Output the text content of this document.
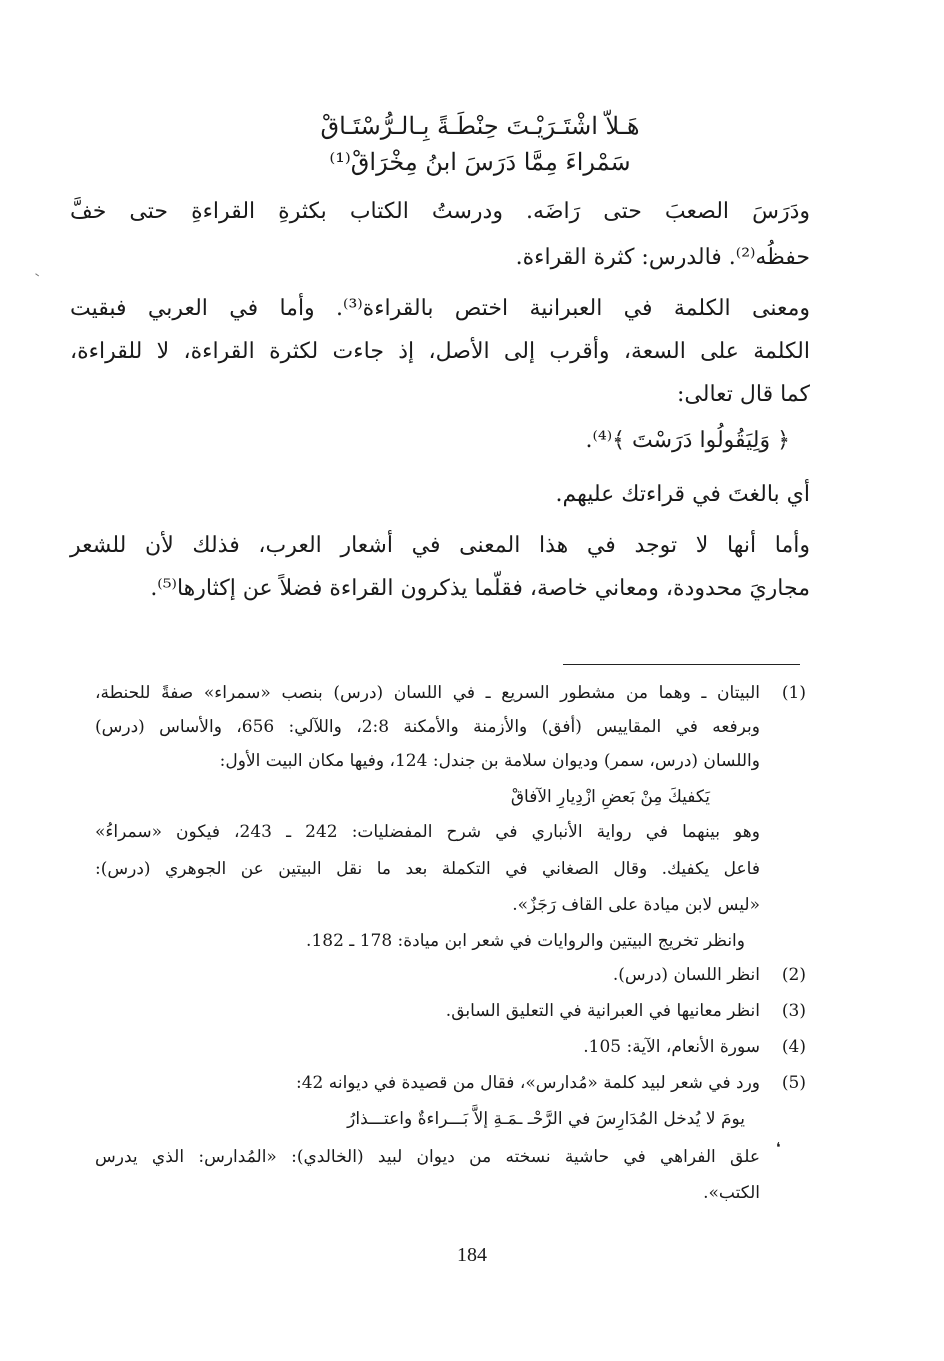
هَـلاّ اشْتَـرَيْـتَ حِنْطَـةً بِـالـرُّسْتَـاقْ
سَمْراءَ مِمَّا دَرَسَ ابنُ مِخْرَاقْ⁽¹⁾
ودَرَسَ الصعبَ حتى رَاضَه. ودرستُ الكتاب بكثرةِ القراءةِ حتى خفَّ
حفظُه⁽²⁾. فالدرس: كثرة القراءة.
ومعنى الكلمة في العبرانية اختص بالقراءة⁽³⁾. وأما في العربي فبقيت
الكلمة على السعة، وأقرب إلى الأصل، إذ جاءت لكثرة القراءة، لا للقراءة،
كما قال تعالى:
﴿ وَلِيَقُولُوا دَرَسْتَ ﴾⁽⁴⁾.
أي بالغتَ في قراءتك عليهم.
وأما أنها لا توجد في هذا المعنى في أشعار العرب، فذلك لأن للشعر
مجاريَ محدودة، ومعاني خاصة، فقلّما يذكرون القراءة فضلاً عن إكثارها⁽⁵⁾.
(1)
البيتان ـ وهما من مشطور السريع ـ في اللسان (درس) بنصب «سمراء» صفةً للحنطة،
وبرفعه في المقاييس (أفق) والأزمنة والأمكنة 2:8، واللآلي: 656، والأساس (درس)
واللسان (درس، سمر) وديوان سلامة بن جندل: 124، وفيها مكان البيت الأول:
يَكفيكَ مِنْ بَعضِ ازْدِيارِ الآفاقْ
وهو بينهما في رواية الأنباري في شرح المفضليات: 242 ـ 243، فيكون «سمراءُ»
فاعل يكفيك. وقال الصغاني في التكملة بعد ما نقل البيتين عن الجوهري (درس):
«ليس لابن ميادة على القاف رَجَزٌ».
وانظر تخريج البيتين والروايات في شعر ابن ميادة: 178 ـ 182.
(2)
انظر اللسان (درس).
(3)
انظر معانيها في العبرانية في التعليق السابق.
(4)
سورة الأنعام، الآية: 105.
(5)
ورد في شعر لبيد كلمة «مُدارس»، فقال من قصيدة في ديوانه 42:
يومَ لا يُدخل المُدَارِسَ في الرَّحْـ ـمَـةِ إلاَّ بَـــراءةٌ واعتـــذارُ
❛
علق الفراهي في حاشية نسخته من ديوان لبيد (الخالدي): «المُدارس: الذي يدرس
الكتب».
184
